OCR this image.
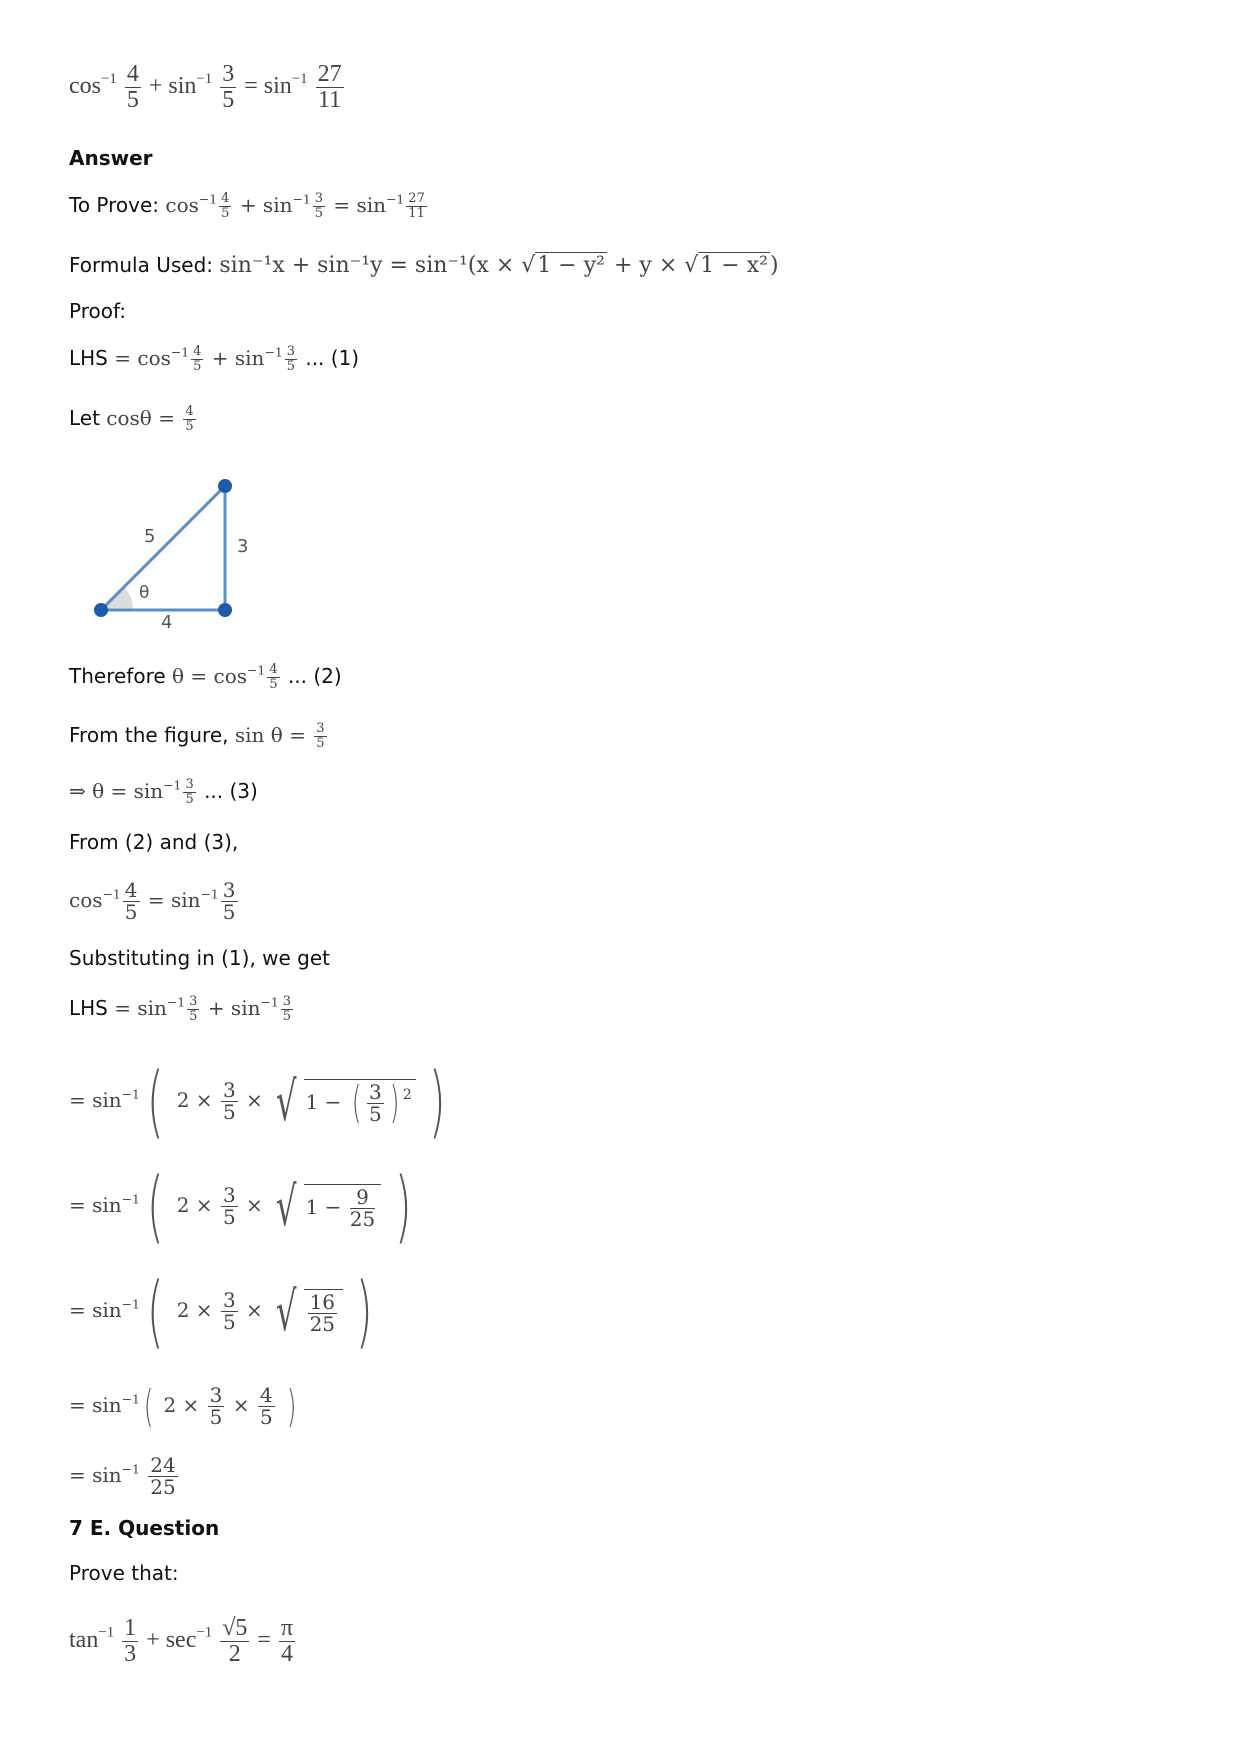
$\cos^{-1} \frac{4}{5} + \sin^{-1} \frac{3}{5} = \sin^{-1} \frac{27}{11}$
Answer
To Prove: $\cos^{-1} \frac{4}{5} + \sin^{-1} \frac{3}{5} = \sin^{-1} \frac{27}{11}$
Formula Used: sin⁻¹x + sin⁻¹y = sin⁻¹(x × √1 − y² + y × √1 − x²)
Proof:
LHS = $\cos^{-1} \frac{4}{5} + \sin^{-1} \frac{3}{5}$ ... (1)
Let $\cos\theta = \frac{4}{5}$
5	3
4
θ
Therefore $\theta = \cos^{-1} \frac{4}{5}$ ... (2)
From the figure, $\sin \theta = \frac{3}{5}$
⇒ $\theta = \sin^{-1} \frac{3}{5}$ ... (3)
From (2) and (3),
$\cos^{-1} \frac{4}{5} = \sin^{-1} \frac{3}{5}$
Substituting in (1), we get
LHS = $\sin^{-1} \frac{3}{5} + \sin^{-1} \frac{3}{5}$
= $\sin^{-1}$( $2 \times \frac{3}{5}$ × √ 1 − ( $\frac{3}{5}$ ) $^2$ )
= $\sin^{-1}$( $2 \times \frac{3}{5}$ × √ $1 - \frac{9}{25}$ )
= $\sin^{-1}$( $2 \times \frac{3}{5}$ × √ $\frac{16}{25}$ )
= $\sin^{-1}$( $2 \times \frac{3}{5} \times \frac{4}{5}$ )
= $\sin^{-1} \frac{24}{25}$
7 E. Question
Prove that:
$\tan^{-1} \frac{1}{3} + \sec^{-1} \frac{√5}{2} = \frac{\pi}{4}$
